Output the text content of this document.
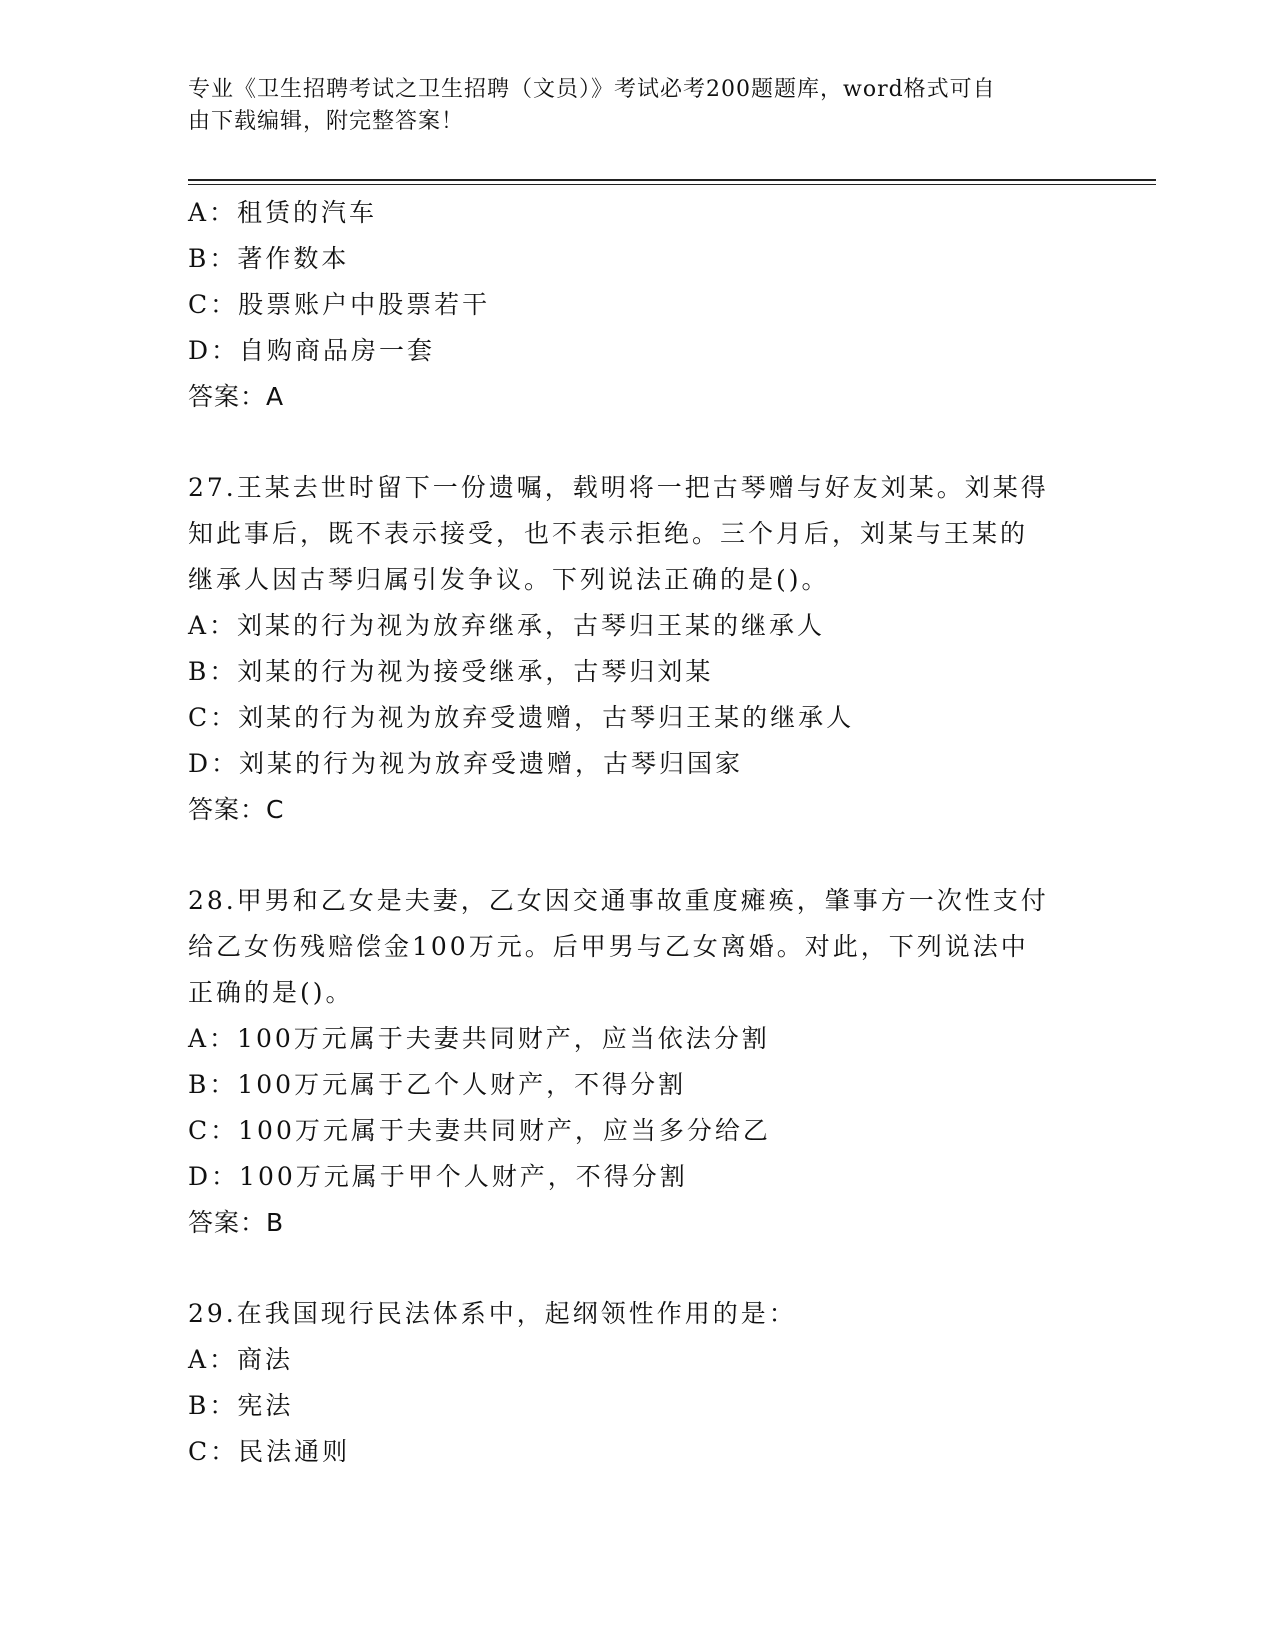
专业《卫生招聘考试之卫生招聘（文员）》考试必考200题题库，word格式可自
由下载编辑，附完整答案！
A：租赁的汽车
B：著作数本
C：股票账户中股票若干
D：自购商品房一套
答案：A
27.王某去世时留下一份遗嘱，载明将一把古琴赠与好友刘某。刘某得
知此事后，既不表示接受，也不表示拒绝。三个月后，刘某与王某的
继承人因古琴归属引发争议。下列说法正确的是()。
A：刘某的行为视为放弃继承，古琴归王某的继承人
B：刘某的行为视为接受继承，古琴归刘某
C：刘某的行为视为放弃受遗赠，古琴归王某的继承人
D：刘某的行为视为放弃受遗赠，古琴归国家
答案：C
28.甲男和乙女是夫妻，乙女因交通事故重度瘫痪，肇事方一次性支付
给乙女伤残赔偿金100万元。后甲男与乙女离婚。对此，下列说法中
正确的是()。
A：100万元属于夫妻共同财产，应当依法分割
B：100万元属于乙个人财产，不得分割
C：100万元属于夫妻共同财产，应当多分给乙
D：100万元属于甲个人财产，不得分割
答案：B
29.在我国现行民法体系中，起纲领性作用的是：
A：商法
B：宪法
C：民法通则
